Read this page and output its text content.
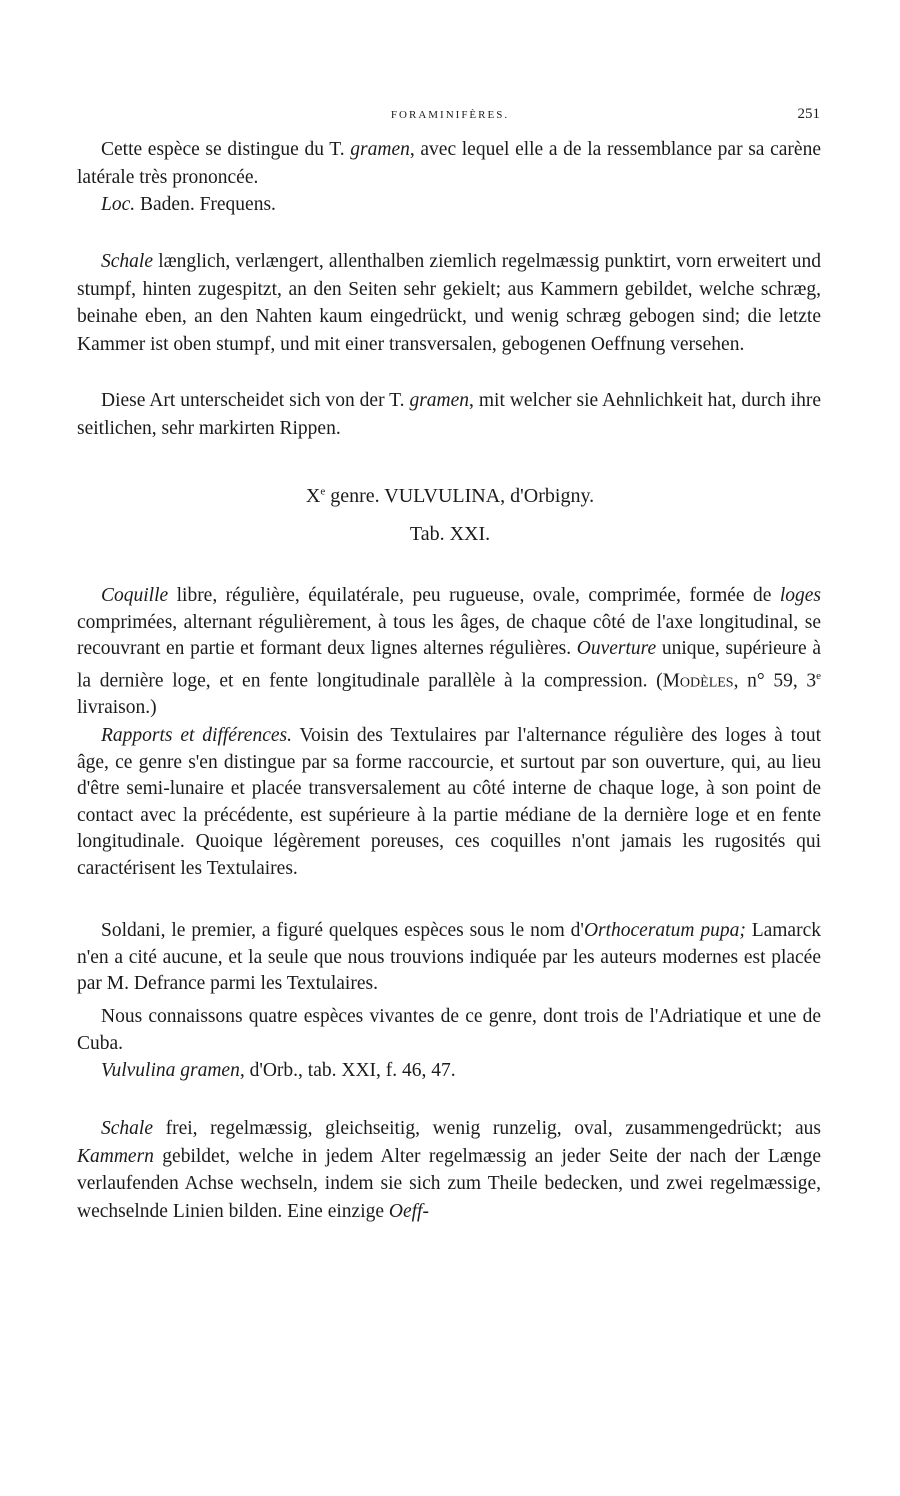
FORAMINIFÈRES.	251

Cette espèce se distingue du T. gramen, avec lequel elle a de la ressemblance par sa carène latérale très prononcée.

Loc. Baden. Frequens.

Schale længlich, verlængert, allenthalben ziemlich regelmæssig punktirt, vorn erweitert und stumpf, hinten zugespitzt, an den Seiten sehr gekielt; aus Kammern gebildet, welche schræg, beinahe eben, an den Nahten kaum eingedrückt, und wenig schræg gebogen sind; die letzte Kammer ist oben stumpf, und mit einer transversalen, gebogenen Oeffnung versehen.

Diese Art unterscheidet sich von der T. gramen, mit welcher sie Aehnlichkeit hat, durch ihre seitlichen, sehr markirten Rippen.

Xe genre. VULVULINA, d'Orbigny.

Tab. XXI.

Coquille libre, régulière, équilatérale, peu rugueuse, ovale, comprimée, formée de loges comprimées, alternant régulièrement, à tous les âges, de chaque côté de l'axe longitudinal, se recouvrant en partie et formant deux lignes alternes régulières. Ouverture unique, supérieure à la dernière loge, et en fente longitudinale parallèle à la compression. (Modèles, n° 59, 3e livraison.)

Rapports et différences. Voisin des Textulaires par l'alternance régulière des loges à tout âge, ce genre s'en distingue par sa forme raccourcie, et surtout par son ouverture, qui, au lieu d'être semi-lunaire et placée transversalement au côté interne de chaque loge, à son point de contact avec la précédente, est supérieure à la partie médiane de la dernière loge et en fente longitudinale. Quoique légèrement poreuses, ces coquilles n'ont jamais les rugosités qui caractérisent les Textulaires.

Soldani, le premier, a figuré quelques espèces sous le nom d'Orthoceratum pupa; Lamarck n'en a cité aucune, et la seule que nous trouvions indiquée par les auteurs modernes est placée par M. Defrance parmi les Textulaires.

Nous connaissons quatre espèces vivantes de ce genre, dont trois de l'Adriatique et une de Cuba.

Vulvulina gramen, d'Orb., tab. XXI, f. 46, 47.

Schale frei, regelmæssig, gleichseitig, wenig runzelig, oval, zusammengedrückt; aus Kammern gebildet, welche in jedem Alter regelmæssig an jeder Seite der nach der Længe verlaufenden Achse wechseln, indem sie sich zum Theile bedecken, und zwei regelmæssige, wechselnde Linien bilden. Eine einzige Oeff-
